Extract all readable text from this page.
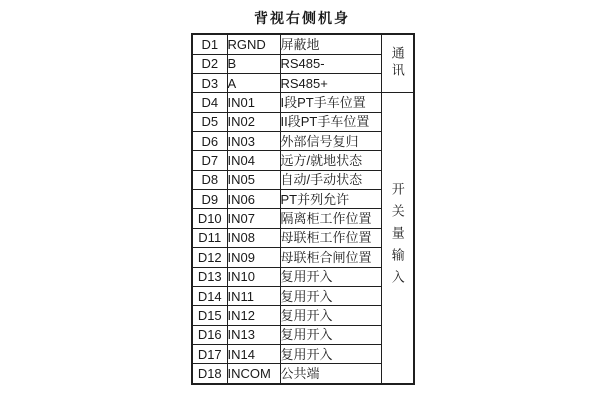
背视右侧机身
D1	RGND	屏蔽地	通讯
D2	B	RS485-	
D3	A	RS485+	
D4	IN01	I段PT手车位置	开关量输入
D5	IN02	II段PT手车位置	
D6	IN03	外部信号复归	
D7	IN04	远方/就地状态	
D8	IN05	自动/手动状态	
D9	IN06	PT并列允许	
D10	IN07	隔离柜工作位置	
D11	IN08	母联柜工作位置	
D12	IN09	母联柜合闸位置	
D13	IN10	复用开入	
D14	IN11	复用开入	
D15	IN12	复用开入	
D16	IN13	复用开入	
D17	IN14	复用开入	
D18	INCOM	公共端	
